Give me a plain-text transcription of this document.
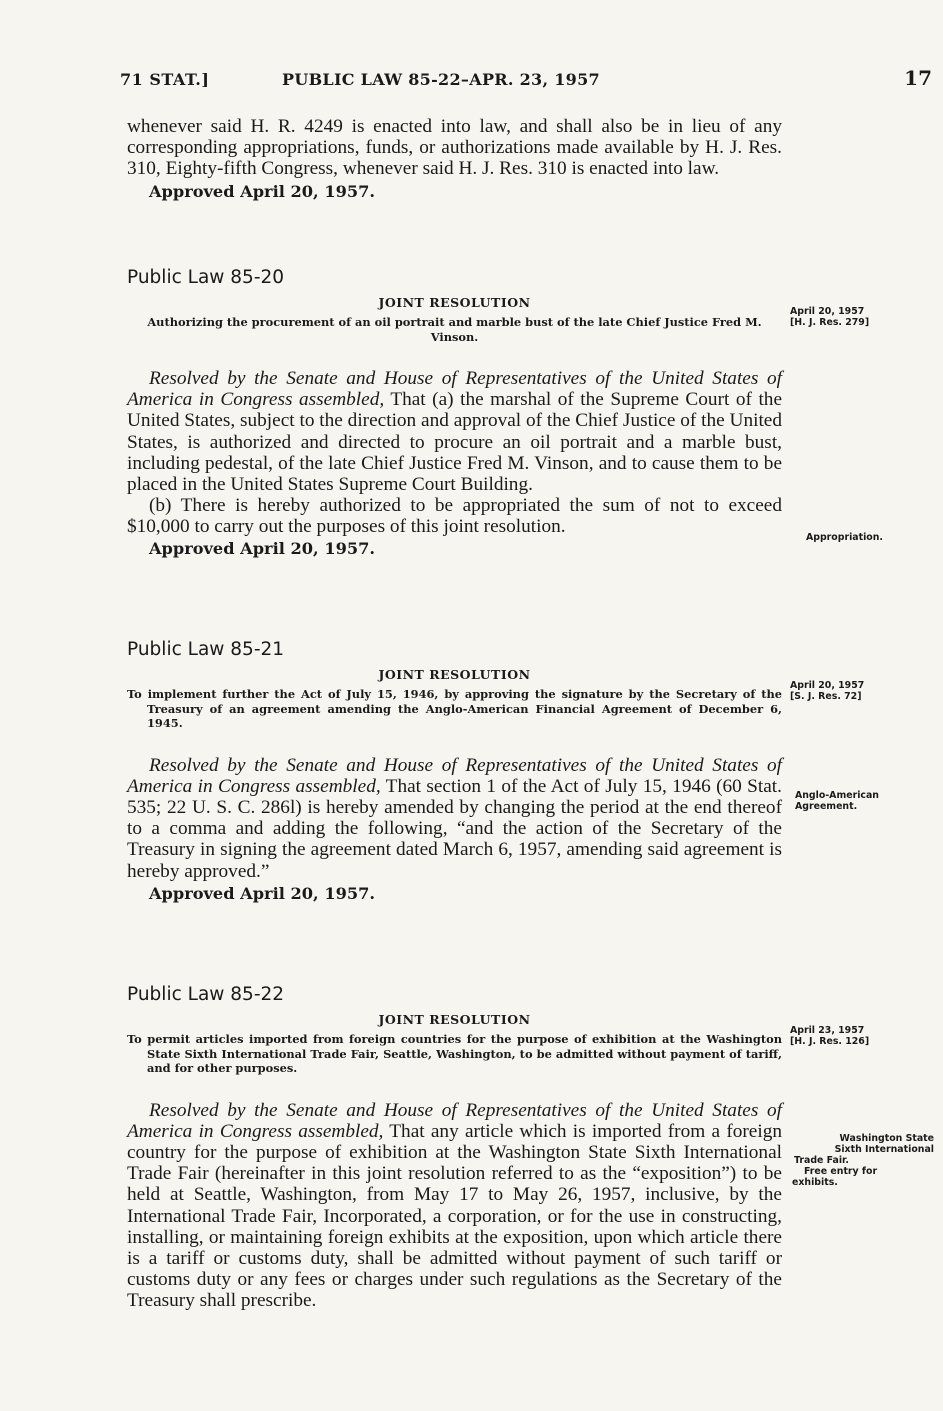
71 STAT.]	PUBLIC LAW 85-22–APR. 23, 1957	17

whenever said H. R. 4249 is enacted into law, and shall also be in lieu of any corresponding appropriations, funds, or authorizations made available by H. J. Res. 310, Eighty-fifth Congress, whenever said H. J. Res. 310 is enacted into law.

Approved April 20, 1957.

Public Law 85-20

JOINT RESOLUTION

Authorizing the procurement of an oil portrait and marble bust of the late Chief Justice Fred M. Vinson.

Resolved by the Senate and House of Representatives of the United States of America in Congress assembled, That (a) the marshal of the Supreme Court of the United States, subject to the direction and approval of the Chief Justice of the United States, is authorized and directed to procure an oil portrait and a marble bust, including pedestal, of the late Chief Justice Fred M. Vinson, and to cause them to be placed in the United States Supreme Court Building.

(b) There is hereby authorized to be appropriated the sum of not to exceed $10,000 to carry out the purposes of this joint resolution.

Approved April 20, 1957.

Public Law 85-21

JOINT RESOLUTION

To implement further the Act of July 15, 1946, by approving the signature by the Secretary of the Treasury of an agreement amending the Anglo-American Financial Agreement of December 6, 1945.

Resolved by the Senate and House of Representatives of the United States of America in Congress assembled, That section 1 of the Act of July 15, 1946 (60 Stat. 535; 22 U. S. C. 286l) is hereby amended by changing the period at the end thereof to a comma and adding the following, “and the action of the Secretary of the Treasury in signing the agreement dated March 6, 1957, amending said agreement is hereby approved.”

Approved April 20, 1957.

Public Law 85-22

JOINT RESOLUTION

To permit articles imported from foreign countries for the purpose of exhibition at the Washington State Sixth International Trade Fair, Seattle, Washington, to be admitted without payment of tariff, and for other purposes.

Resolved by the Senate and House of Representatives of the United States of America in Congress assembled, That any article which is imported from a foreign country for the purpose of exhibition at the Washington State Sixth International Trade Fair (hereinafter in this joint resolution referred to as the “exposition”) to be held at Seattle, Washington, from May 17 to May 26, 1957, inclusive, by the International Trade Fair, Incorporated, a corporation, or for the use in constructing, installing, or maintaining foreign exhibits at the exposition, upon which article there is a tariff or customs duty, shall be admitted without payment of such tariff or customs duty or any fees or charges under such regulations as the Secretary of the Treasury shall prescribe.

April 20, 1957
[H. J. Res. 279]
Appropriation.
April 20, 1957
[S. J. Res. 72]
Anglo-American Agreement.
April 23, 1957
[H. J. Res. 126]
Washington State
Sixth International
Trade Fair.
Free entry for
exhibits.
